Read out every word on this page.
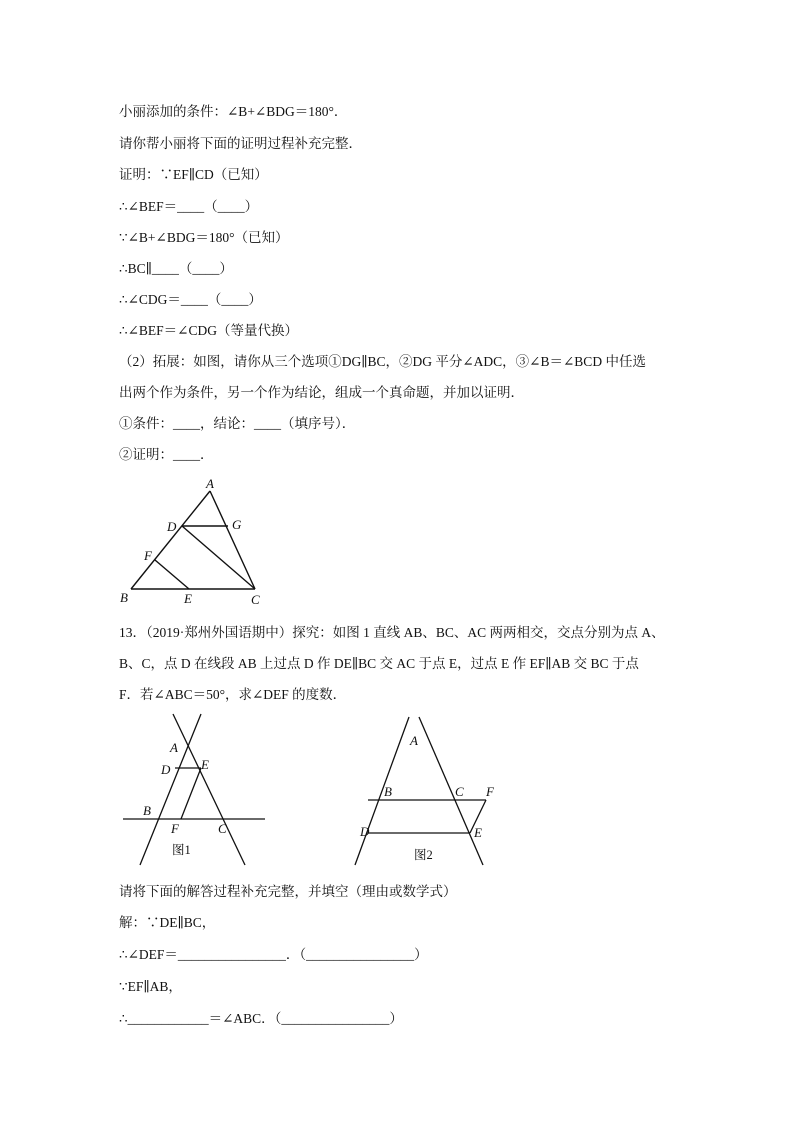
小丽添加的条件：∠B+∠BDG＝180°．
请你帮小丽将下面的证明过程补充完整．
证明：∵EF∥CD（已知）
∴∠BEF＝____（____）
∵∠B+∠BDG＝180°（已知）
∴BC∥____（____）
∴∠CDG＝____（____）
∴∠BEF＝∠CDG（等量代换）
（2）拓展：如图，请你从三个选项①DG∥BC，②DG 平分∠ADC，③∠B＝∠BCD 中任选
出两个作为条件，另一个作为结论，组成一个真命题，并加以证明．
①条件：____，结论：____（填序号）．
②证明：____．
A
D	G
F
B	E	C
13．（2019·郑州外国语期中）探究：如图 1 直线 AB、BC、AC 两两相交，交点分别为点 A、
B、C，点 D 在线段 AB 上过点 D 作 DE∥BC 交 AC 于点 E，过点 E 作 EF∥AB 交 BC 于点
F．若∠ABC＝50°，求∠DEF 的度数．
A
D E
B
F	C
图1
A
B	C F
D	E
图2
请将下面的解答过程补充完整，并填空（理由或数学式）
解：∵DE∥BC，
∴∠DEF＝________________．（________________）
∵EF∥AB，
∴____________＝∠ABC．（________________）
